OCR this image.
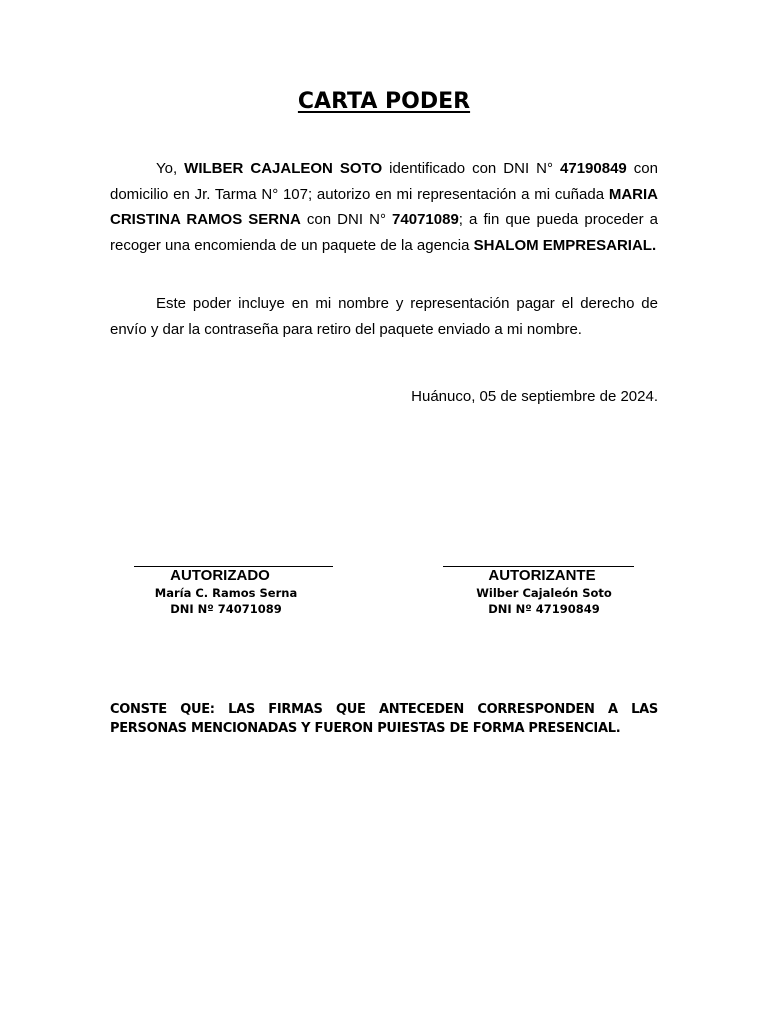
CARTA PODER
Yo, WILBER CAJALEON SOTO identificado con DNI N° 47190849 con domicilio en Jr. Tarma N° 107; autorizo en mi representación a mi cuñada MARIA CRISTINA RAMOS SERNA con DNI N° 74071089; a fin que pueda proceder a recoger una encomienda de un paquete de la agencia SHALOM EMPRESARIAL.
Este poder incluye en mi nombre y representación pagar el derecho de envío y dar la contraseña para retiro del paquete enviado a mi nombre.
Huánuco, 05 de septiembre de 2024.
AUTORIZADO
María C. Ramos Serna
DNI Nº 74071089
AUTORIZANTE
Wilber Cajaleón Soto
DNI Nº 47190849
CONSTE QUE: LAS FIRMAS QUE ANTECEDEN CORRESPONDEN A LAS PERSONAS MENCIONADAS Y FUERON PUIESTAS DE FORMA PRESENCIAL.
